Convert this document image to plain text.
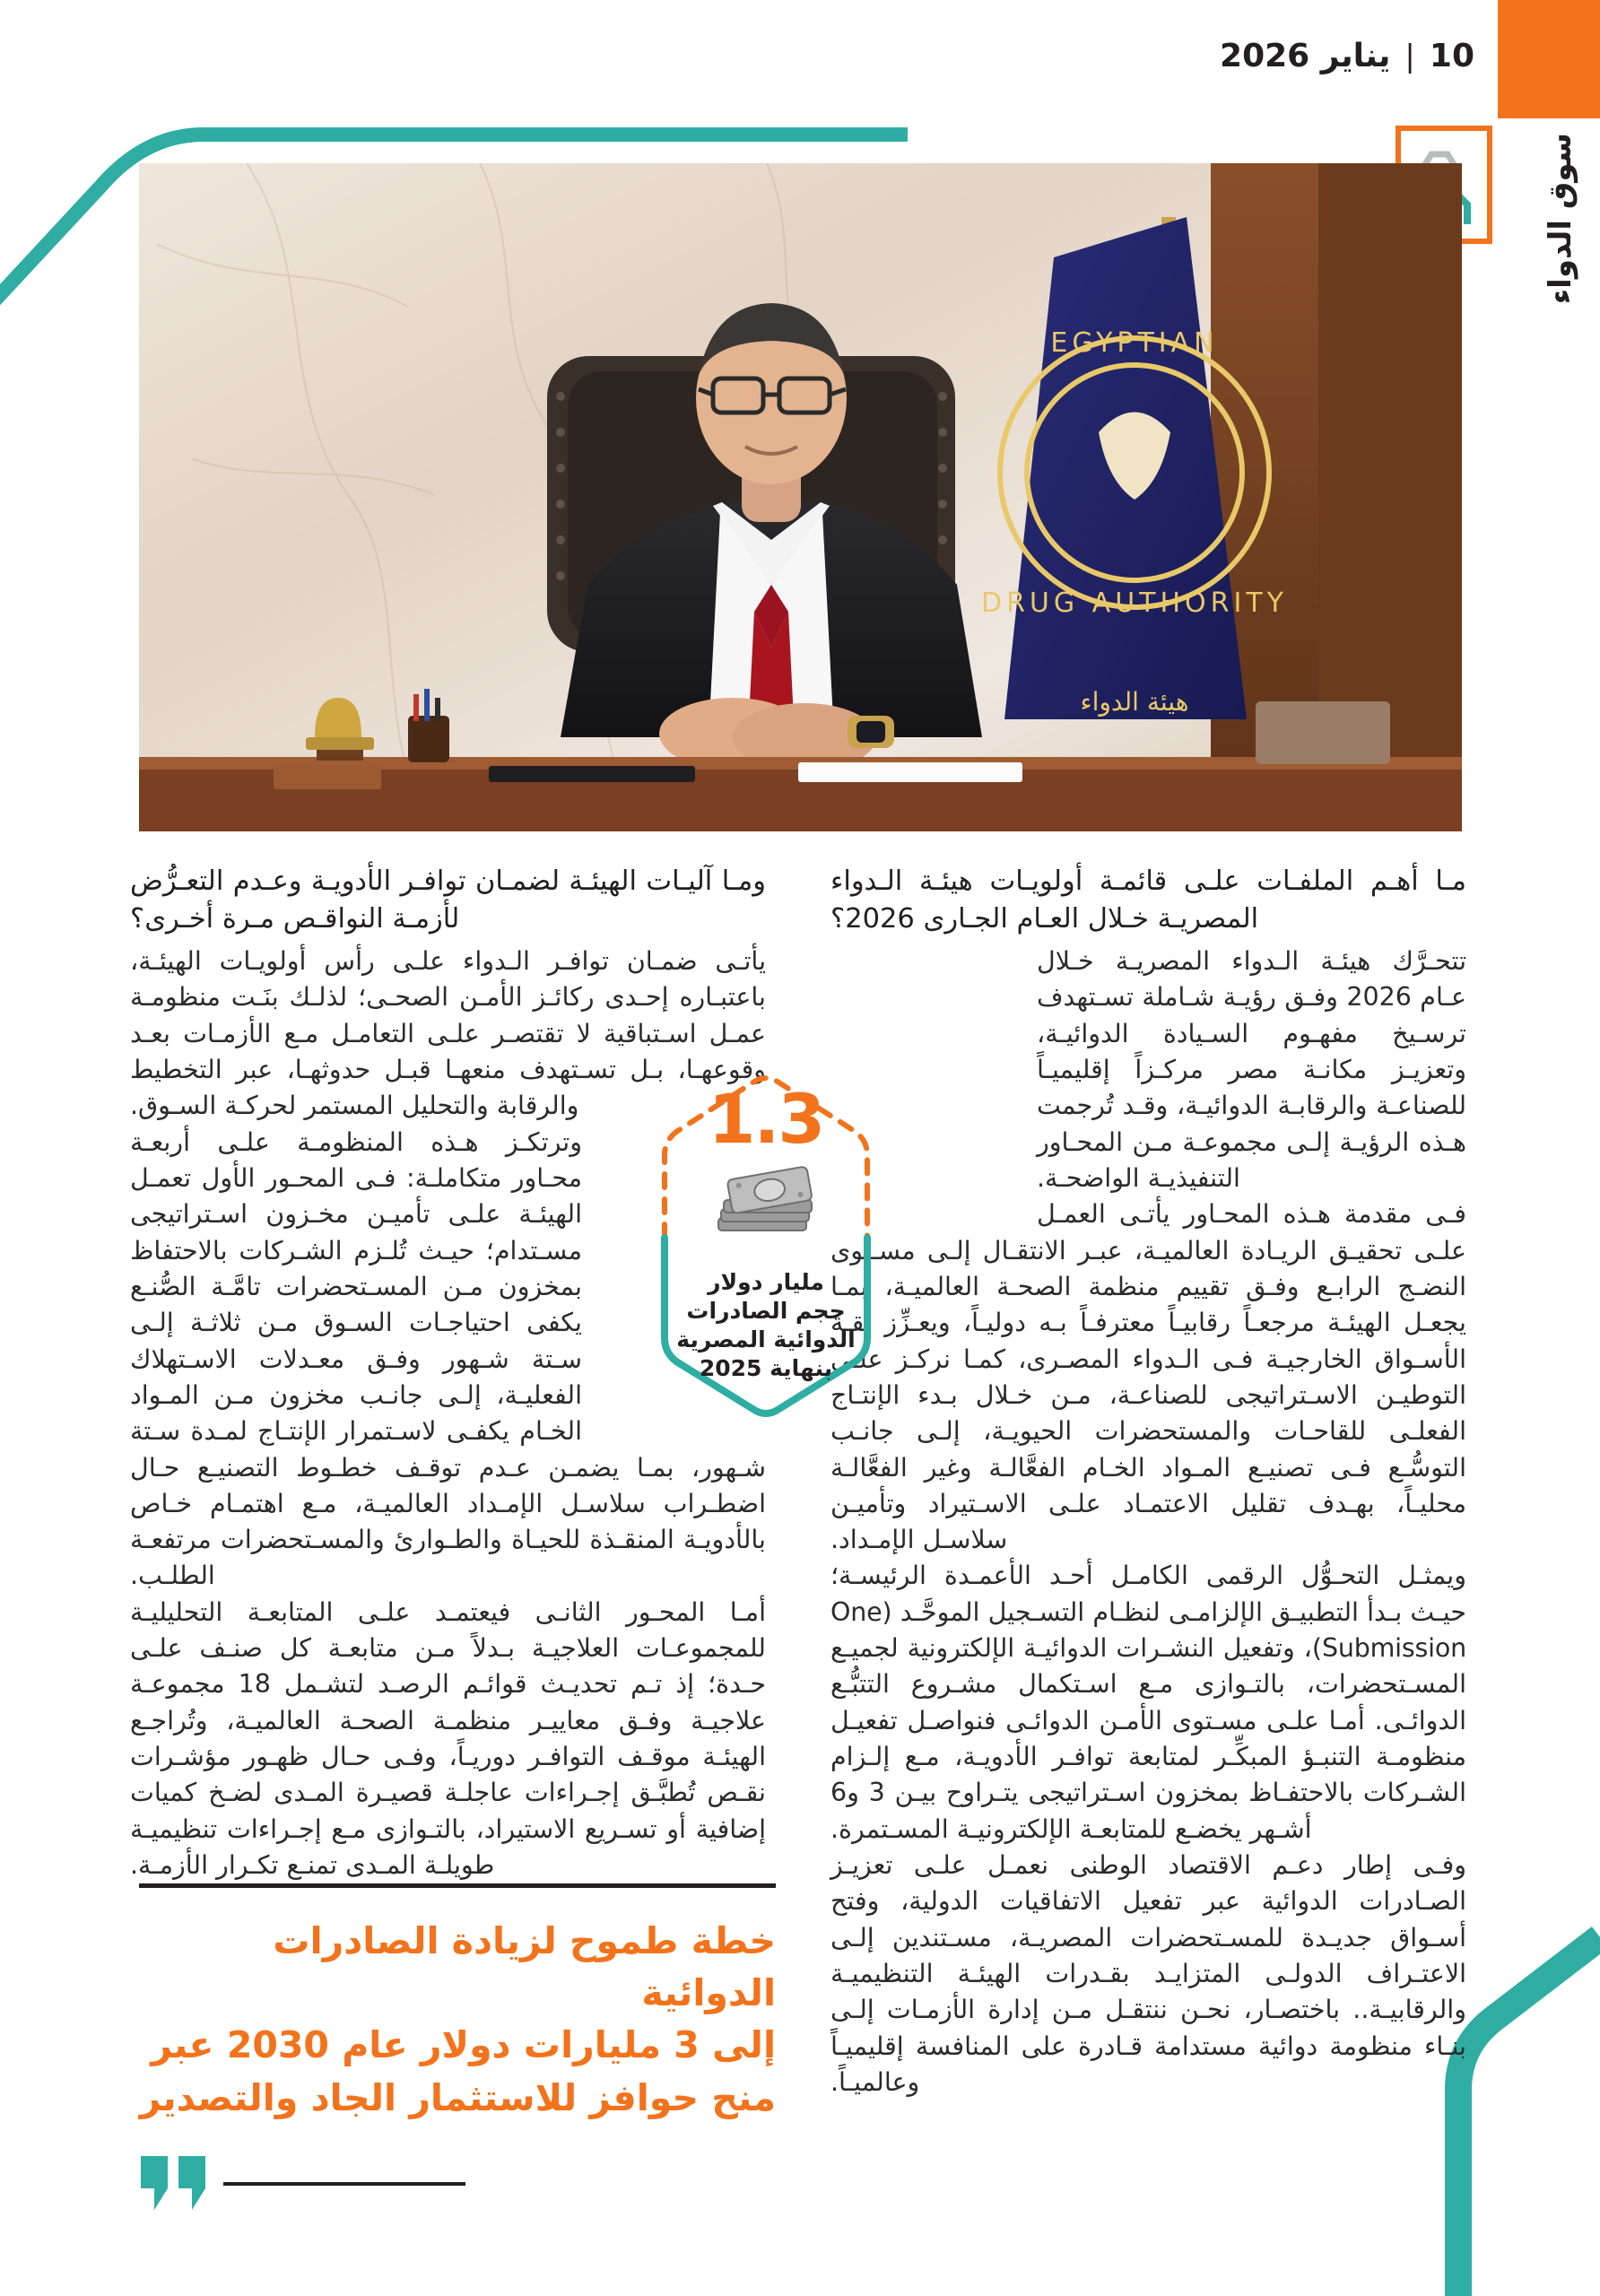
10
|
يناير 2026
سوق الدواء
EGYPTIAN
DRUG AUTHORITY
هيئة الدواء

مـا أهـم الملفـات علـى قائمـة أولويـات هيئـة الـدواء المصريـة خـلال العـام الجـارى 2026؟

تتحـرَّك هيئـة الـدواء المصريـة خـلال عـام 2026 وفـق رؤيـة شـاملة تسـتهدف ترسـيخ مفهـوم السـيادة الدوائيـة، وتعزيـز مكانـة مصر مركـزاً إقليميـاً للصناعـة والرقابـة الدوائيـة، وقـد تُرجمت هـذه الرؤيـة إلـى مجموعـة مـن المحـاور التنفيذيـة الواضحـة.

فـى مقدمة هـذه المحـاور يأتـى العمـل علـى تحقيـق الريـادة العالميـة، عبـر الانتقـال إلـى مسـتوى النضـج الرابـع وفـق تقييم منظمة الصحـة العالميـة، بمـا يجعـل الهيئـة مرجعـاً رقابيـاً معترفـاً بـه دوليـاً، ويعـزِّز ثقـة الأسـواق الخارجيـة فـى الـدواء المصـرى، كمـا نركـز علـى التوطيـن الاسـتراتيجى للصناعـة، مـن خـلال بـدء الإنتـاج الفعلـى للقاحـات والمستحضرات الحيويـة، إلـى جانـب التوسُّـع فـى تصنيـع المـواد الخـام الفعَّالـة وغير الفعَّالـة محليـاً، بهـدف تقليل الاعتمـاد علـى الاسـتيراد وتأميـن سلاسـل الإمـداد.

ويمثـل التحـوُّل الرقمى الكامـل أحـد الأعمـدة الرئيسـة؛ حيـث بـدأ التطبيـق الإلزامـى لنظـام التسـجيل الموحَّـد (One Submission)، وتفعيل النشـرات الدوائيـة الإلكترونية لجميـع المسـتحضرات، بالتـوازى مـع اسـتكمال مشـروع التتبُّـع الدوائـى. أمـا علـى مسـتوى الأمـن الدوائـى فنواصـل تفعيـل منظومـة التنبـؤ المبكِّـر لمتابعة توافـر الأدويـة، مـع إلـزام الشـركات بالاحتفـاظ بمخزون اسـتراتيجى يتـراوح بيـن 3 و6 أشـهر يخضـع للمتابعـة الإلكترونيـة المسـتمرة.

وفـى إطار دعـم الاقتصاد الوطنى نعمـل علـى تعزيـز الصـادرات الدوائية عبر تفعيل الاتفاقيات الدولية، وفتح أسـواق جديـدة للمسـتحضرات المصريـة، مسـتندين إلـى الاعتـراف الدولـى المتزايـد بقـدرات الهيئـة التنظيميـة والرقابيـة.. باختصـار، نحـن ننتقـل مـن إدارة الأزمـات إلـى بنـاء منظومة دوائية مستدامة قـادرة على المنافسة إقليميـاً وعالميـاً.

ومـا آليـات الهيئـة لضمـان توافـر الأدويـة وعـدم التعـرُّض لأزمـة النواقـص مـرة أخـرى؟

يأتـى ضمـان توافـر الـدواء علـى رأس أولويـات الهيئـة، باعتبـاره إحـدى ركائـز الأمـن الصحـى؛ لذلـك بنَـت منظومـة عمـل اسـتباقية لا تقتصـر علـى التعامـل مـع الأزمـات بعـد وقوعهـا، بـل تسـتهدف منعهـا قبـل حدوثهـا، عبر التخطيط والرقابة والتحليل المستمر لحركـة السـوق.

وترتكـز هـذه المنظومـة علـى أربعـة محـاور متكاملـة: فـى المحـور الأول تعمـل الهيئـة علـى تأميـن مخـزون اسـتراتيجى مسـتدام؛ حيـث تُلـزم الشـركات بالاحتفاظ بمخزون مـن المسـتحضرات تامَّـة الصُّنـع يكفى احتياجـات السـوق مـن ثلاثـة إلـى سـتة شـهور وفـق معـدلات الاسـتهلاك الفعليـة، إلـى جانـب مخزون مـن المـواد الخـام يكفـى لاسـتمرار الإنتـاج لمـدة سـتة شـهور، بمـا يضمـن عـدم توقـف خطـوط التصنيـع حـال اضطـراب سلاسـل الإمـداد العالميـة، مـع اهتمـام خـاص بالأدويـة المنقـذة للحيـاة والطـوارئ والمسـتحضرات مرتفعـة الطلـب.

أمـا المحـور الثانـى فيعتمـد علـى المتابعـة التحليليـة للمجموعـات العلاجيـة بـدلاً مـن متابعـة كل صنـف علـى حـدة؛ إذ تـم تحديـث قوائـم الرصـد لتشـمل 18 مجموعـة علاجيـة وفـق معاييـر منظمـة الصحـة العالميـة، وتُراجـع الهيئـة موقـف التوافـر دوريـاً، وفـى حـال ظهـور مؤشـرات نقـص تُطبَّـق إجـراءات عاجلـة قصيـرة المـدى لضـخ كميات إضافية أو تسـريع الاستيراد، بالتـوازى مـع إجـراءات تنظيميـة طويلـة المـدى تمنـع تكـرار الأزمـة.

1.3
مليار دولار
حجم الصادرات
الدوائية المصرية
بنهاية 2025

خطة طموح لزيادة الصادرات الدوائية

إلى 3 مليارات دولار عام 2030 عبر

منح حوافز للاستثمار الجاد والتصدير
